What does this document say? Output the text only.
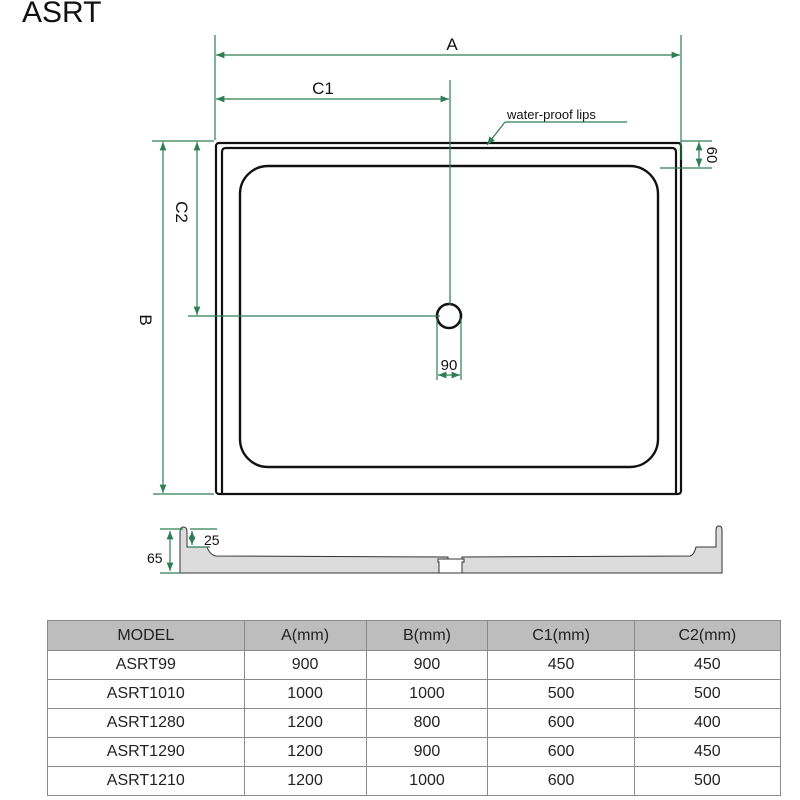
ASRT
A
C1
water-proof lips
B
C2
60
90
65
25
MODEL	A(mm)	B(mm)	C1(mm)	C2(mm)
ASRT99	900	900	450	450
ASRT1010	1000	1000	500	500
ASRT1280	1200	800	600	400
ASRT1290	1200	900	600	450
ASRT1210	1200	1000	600	500
